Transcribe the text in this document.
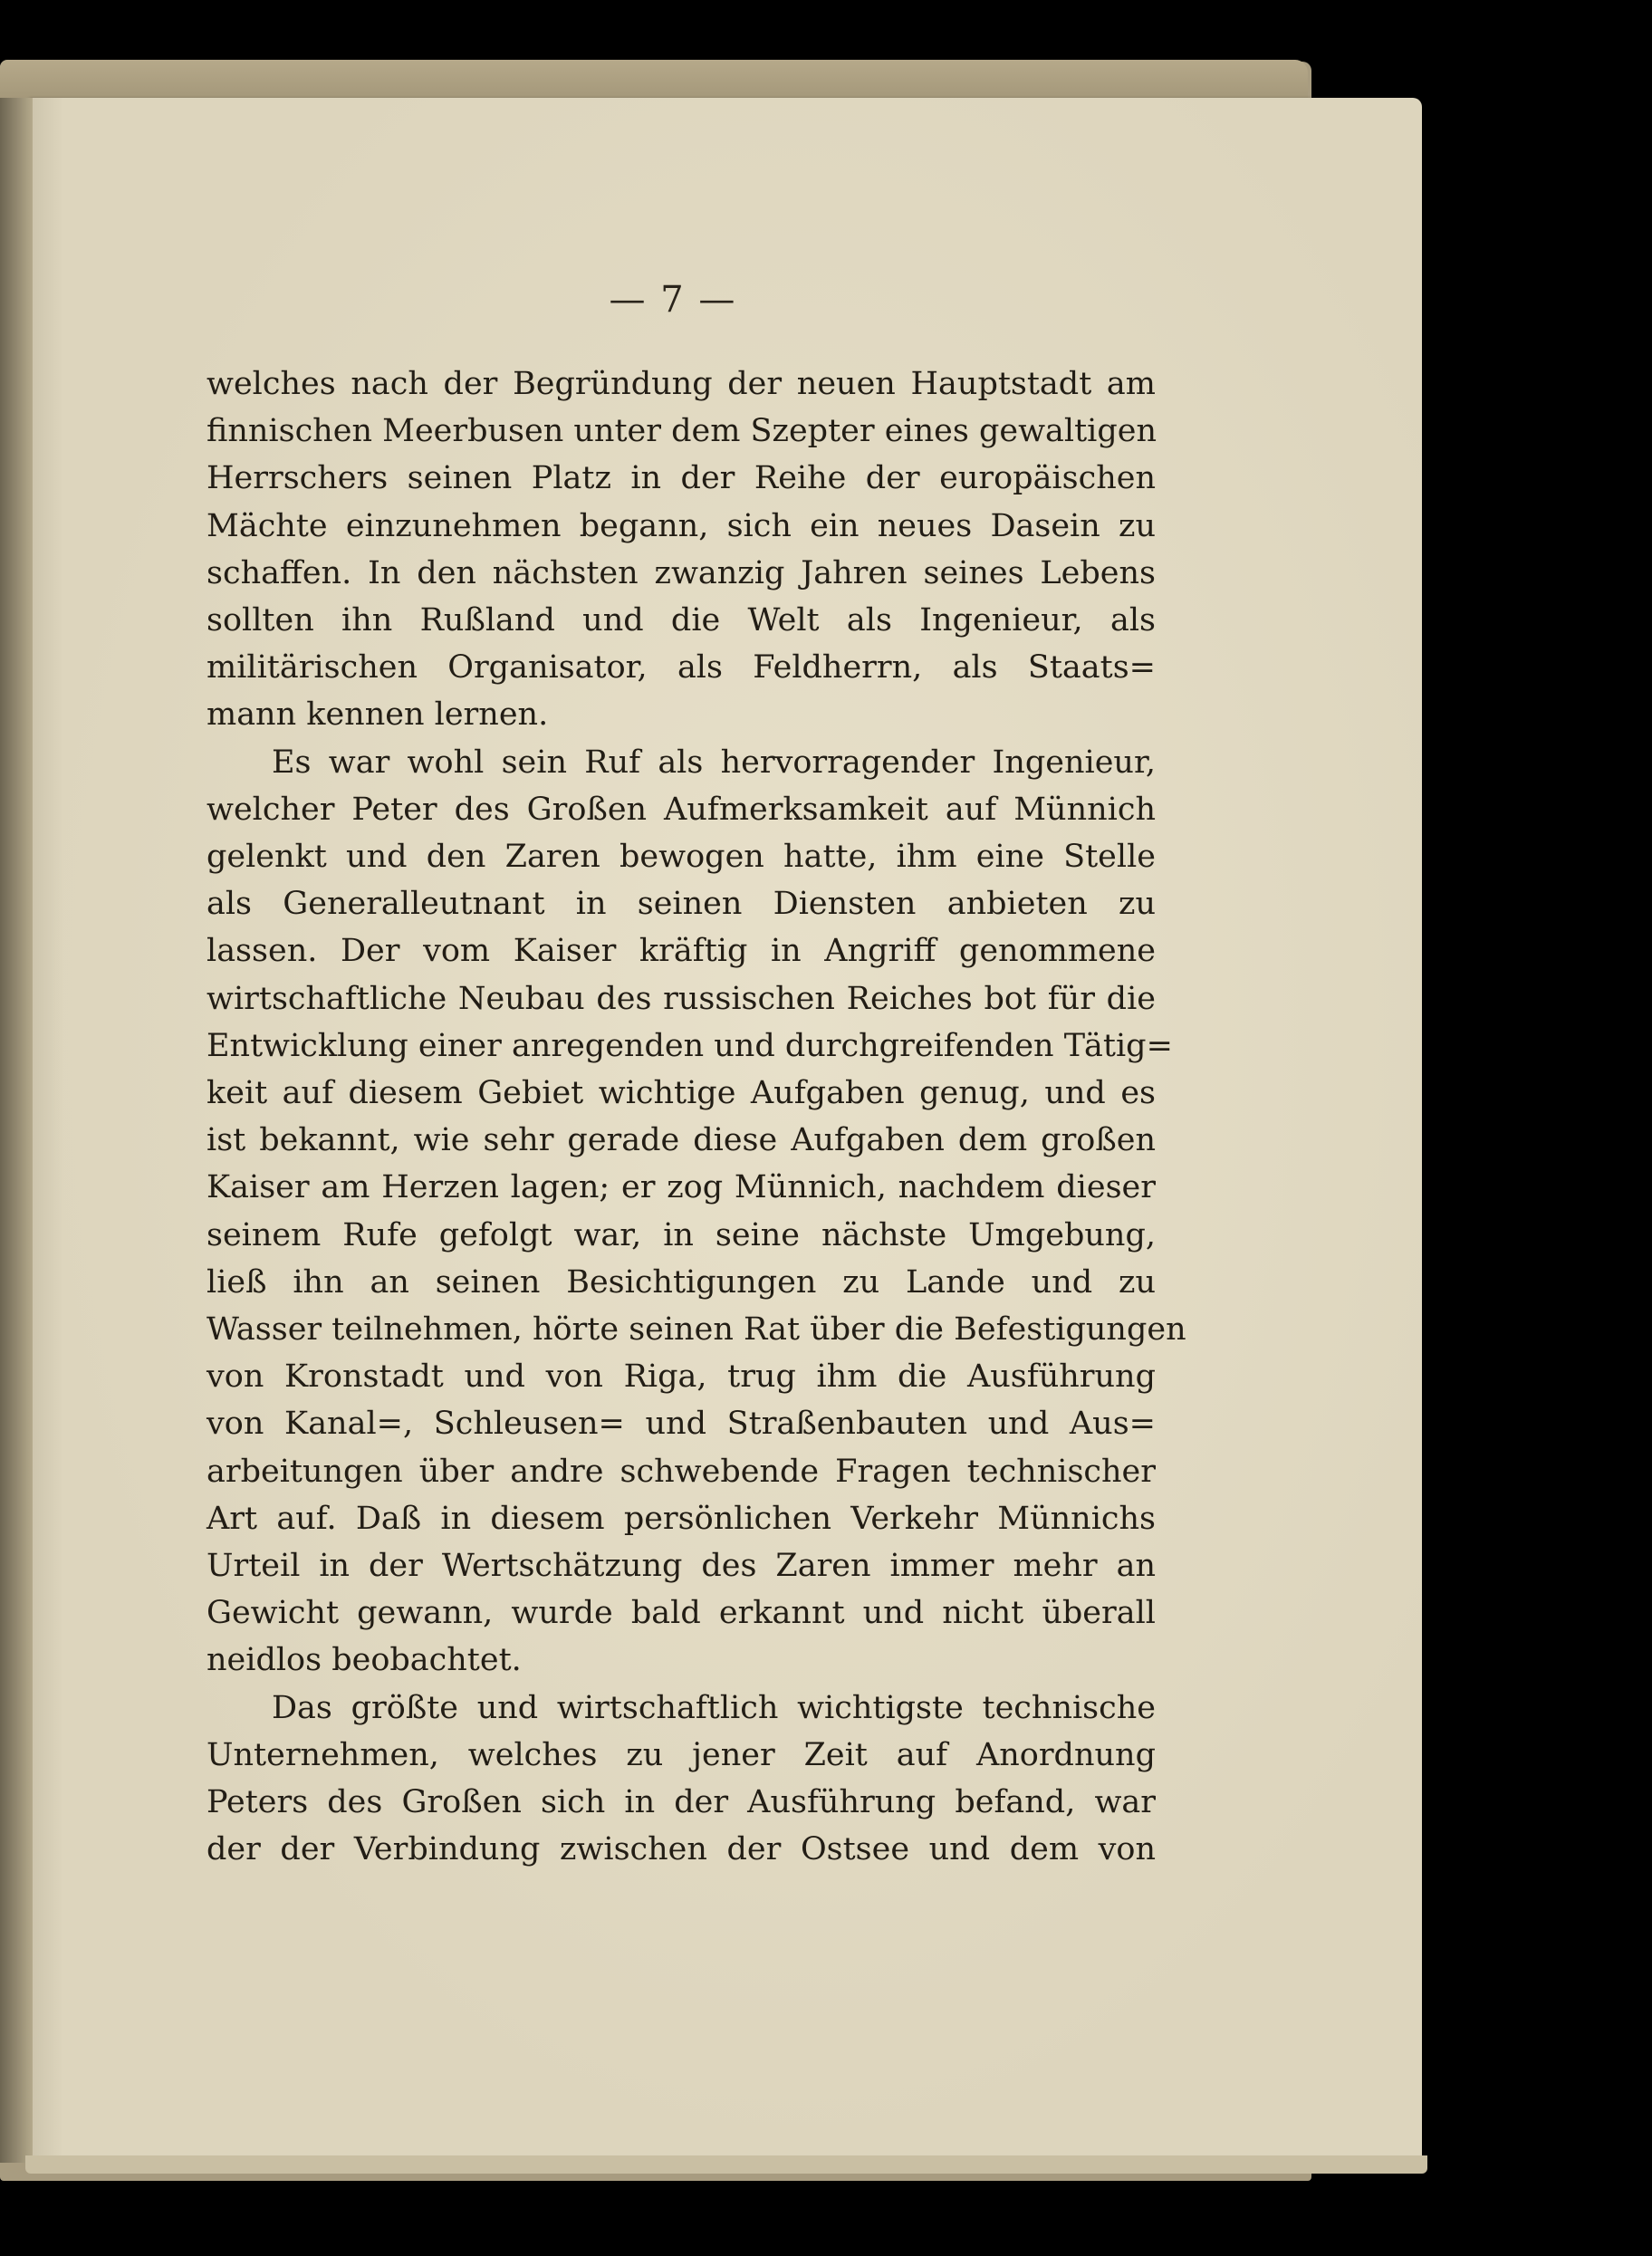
— 7 —
welches nach der Begründung der neuen Hauptstadt am
finnischen Meerbusen unter dem Szepter eines gewaltigen
Herrschers seinen Platz in der Reihe der europäischen
Mächte einzunehmen begann, sich ein neues Dasein zu
schaffen. In den nächsten zwanzig Jahren seines Lebens
sollten ihn Rußland und die Welt als Ingenieur, als
militärischen Organisator, als Feldherrn, als Staats=
mann kennen lernen.
Es war wohl sein Ruf als hervorragender Ingenieur,
welcher Peter des Großen Aufmerksamkeit auf Münnich
gelenkt und den Zaren bewogen hatte, ihm eine Stelle
als Generalleutnant in seinen Diensten anbieten zu
lassen. Der vom Kaiser kräftig in Angriff genommene
wirtschaftliche Neubau des russischen Reiches bot für die
Entwicklung einer anregenden und durchgreifenden Tätig=
keit auf diesem Gebiet wichtige Aufgaben genug, und es
ist bekannt, wie sehr gerade diese Aufgaben dem großen
Kaiser am Herzen lagen; er zog Münnich, nachdem dieser
seinem Rufe gefolgt war, in seine nächste Umgebung,
ließ ihn an seinen Besichtigungen zu Lande und zu
Wasser teilnehmen, hörte seinen Rat über die Befestigungen
von Kronstadt und von Riga, trug ihm die Ausführung
von Kanal=, Schleusen= und Straßenbauten und Aus=
arbeitungen über andre schwebende Fragen technischer
Art auf. Daß in diesem persönlichen Verkehr Münnichs
Urteil in der Wertschätzung des Zaren immer mehr an
Gewicht gewann, wurde bald erkannt und nicht überall
neidlos beobachtet.
Das größte und wirtschaftlich wichtigste technische
Unternehmen, welches zu jener Zeit auf Anordnung
Peters des Großen sich in der Ausführung befand, war
der der Verbindung zwischen der Ostsee und dem von
